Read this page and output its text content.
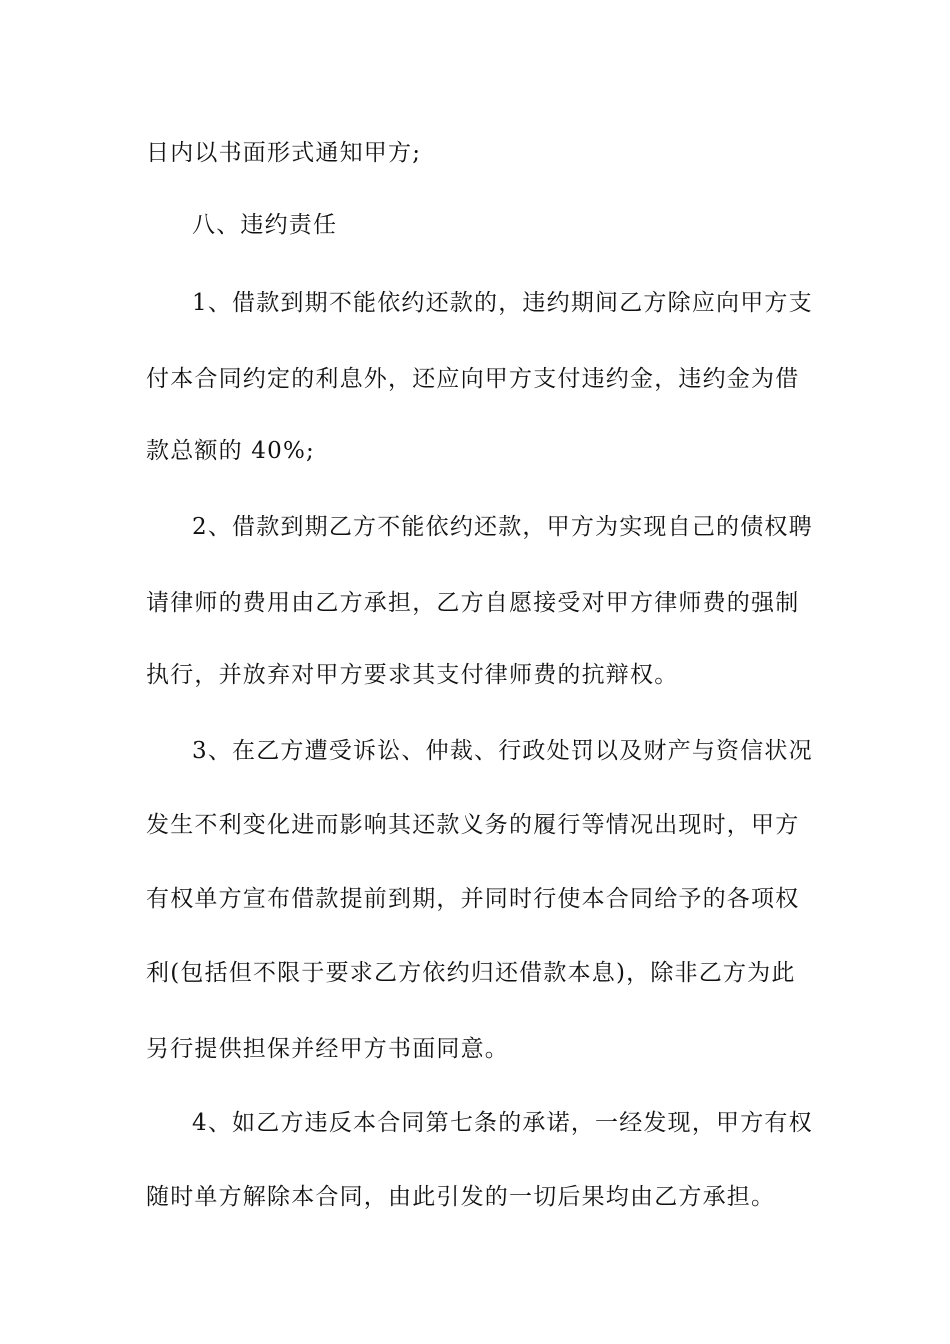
日内以书面形式通知甲方;
八、违约责任
1、借款到期不能依约还款的，违约期间乙方除应向甲方支
付本合同约定的利息外，还应向甲方支付违约金，违约金为借
款总额的 40%;
2、借款到期乙方不能依约还款，甲方为实现自己的债权聘
请律师的费用由乙方承担，乙方自愿接受对甲方律师费的强制
执行，并放弃对甲方要求其支付律师费的抗辩权。
3、在乙方遭受诉讼、仲裁、行政处罚以及财产与资信状况
发生不利变化进而影响其还款义务的履行等情况出现时，甲方
有权单方宣布借款提前到期，并同时行使本合同给予的各项权
利(包括但不限于要求乙方依约归还借款本息)，除非乙方为此
另行提供担保并经甲方书面同意。
4、如乙方违反本合同第七条的承诺，一经发现，甲方有权
随时单方解除本合同，由此引发的一切后果均由乙方承担。
